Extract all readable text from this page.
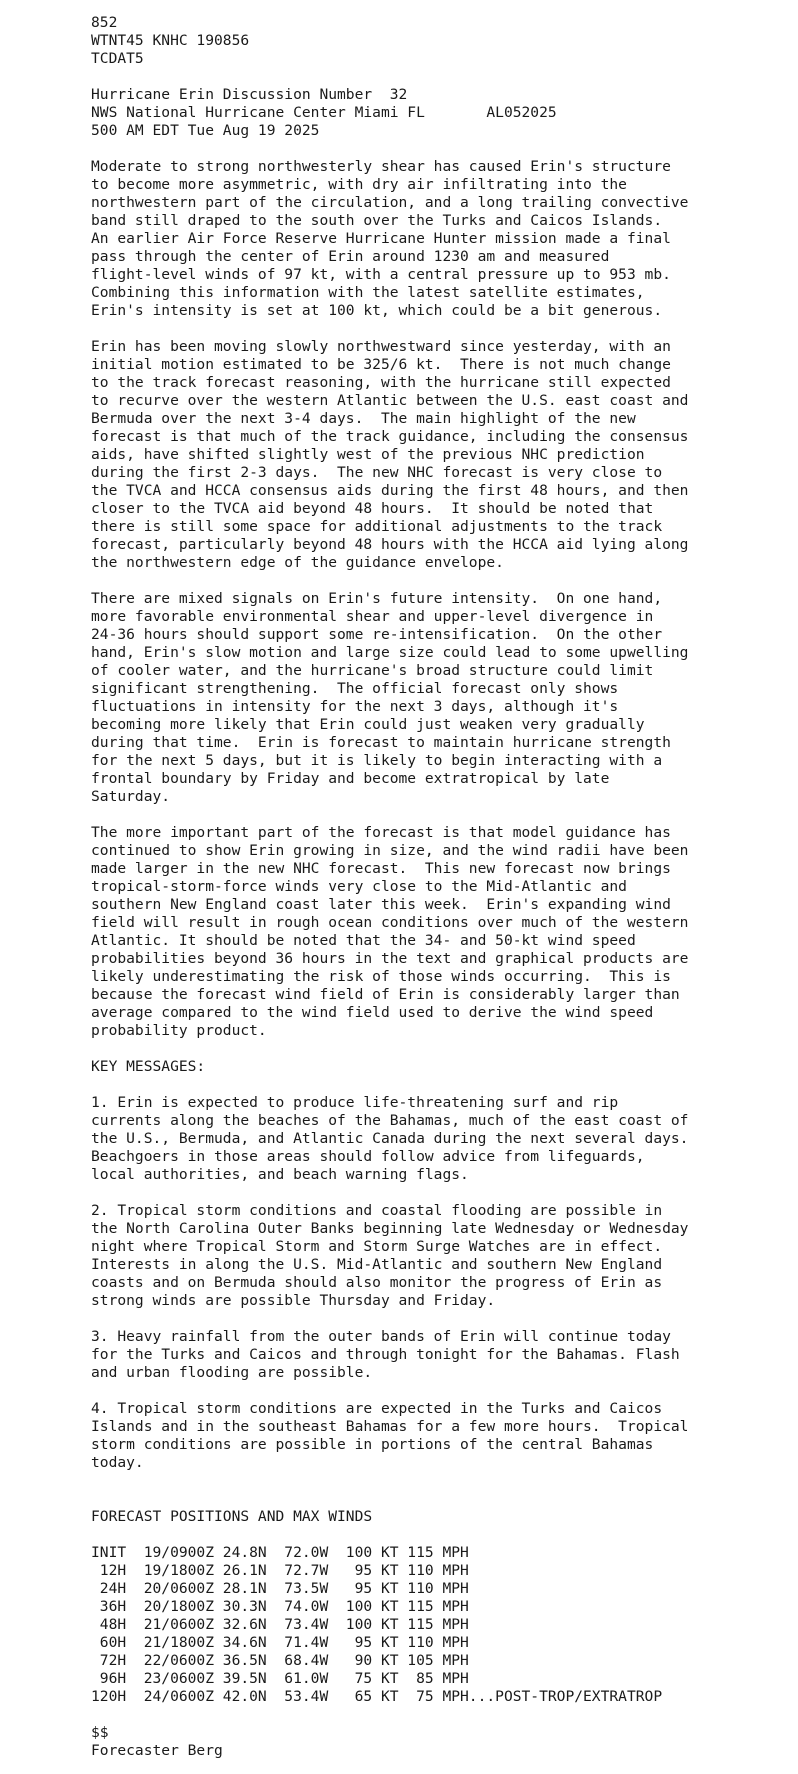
852
WTNT45 KNHC 190856
TCDAT5
Hurricane Erin Discussion Number  32
NWS National Hurricane Center Miami FL       AL052025
500 AM EDT Tue Aug 19 2025
Moderate to strong northwesterly shear has caused Erin's structure
to become more asymmetric, with dry air infiltrating into the
northwestern part of the circulation, and a long trailing convective
band still draped to the south over the Turks and Caicos Islands.
An earlier Air Force Reserve Hurricane Hunter mission made a final
pass through the center of Erin around 1230 am and measured
flight-level winds of 97 kt, with a central pressure up to 953 mb.
Combining this information with the latest satellite estimates,
Erin's intensity is set at 100 kt, which could be a bit generous.
Erin has been moving slowly northwestward since yesterday, with an
initial motion estimated to be 325/6 kt.  There is not much change
to the track forecast reasoning, with the hurricane still expected
to recurve over the western Atlantic between the U.S. east coast and
Bermuda over the next 3-4 days.  The main highlight of the new
forecast is that much of the track guidance, including the consensus
aids, have shifted slightly west of the previous NHC prediction
during the first 2-3 days.  The new NHC forecast is very close to
the TVCA and HCCA consensus aids during the first 48 hours, and then
closer to the TVCA aid beyond 48 hours.  It should be noted that
there is still some space for additional adjustments to the track
forecast, particularly beyond 48 hours with the HCCA aid lying along
the northwestern edge of the guidance envelope.
There are mixed signals on Erin's future intensity.  On one hand,
more favorable environmental shear and upper-level divergence in
24-36 hours should support some re-intensification.  On the other
hand, Erin's slow motion and large size could lead to some upwelling
of cooler water, and the hurricane's broad structure could limit
significant strengthening.  The official forecast only shows
fluctuations in intensity for the next 3 days, although it's
becoming more likely that Erin could just weaken very gradually
during that time.  Erin is forecast to maintain hurricane strength
for the next 5 days, but it is likely to begin interacting with a
frontal boundary by Friday and become extratropical by late
Saturday.
The more important part of the forecast is that model guidance has
continued to show Erin growing in size, and the wind radii have been
made larger in the new NHC forecast.  This new forecast now brings
tropical-storm-force winds very close to the Mid-Atlantic and
southern New England coast later this week.  Erin's expanding wind
field will result in rough ocean conditions over much of the western
Atlantic. It should be noted that the 34- and 50-kt wind speed
probabilities beyond 36 hours in the text and graphical products are
likely underestimating the risk of those winds occurring.  This is
because the forecast wind field of Erin is considerably larger than
average compared to the wind field used to derive the wind speed
probability product.
KEY MESSAGES:
1. Erin is expected to produce life-threatening surf and rip
currents along the beaches of the Bahamas, much of the east coast of
the U.S., Bermuda, and Atlantic Canada during the next several days.
Beachgoers in those areas should follow advice from lifeguards,
local authorities, and beach warning flags.
2. Tropical storm conditions and coastal flooding are possible in
the North Carolina Outer Banks beginning late Wednesday or Wednesday
night where Tropical Storm and Storm Surge Watches are in effect.
Interests in along the U.S. Mid-Atlantic and southern New England
coasts and on Bermuda should also monitor the progress of Erin as
strong winds are possible Thursday and Friday.
3. Heavy rainfall from the outer bands of Erin will continue today
for the Turks and Caicos and through tonight for the Bahamas. Flash
and urban flooding are possible.
4. Tropical storm conditions are expected in the Turks and Caicos
Islands and in the southeast Bahamas for a few more hours.  Tropical
storm conditions are possible in portions of the central Bahamas
today.
FORECAST POSITIONS AND MAX WINDS
INIT  19/0900Z 24.8N  72.0W  100 KT 115 MPH
12H  19/1800Z 26.1N  72.7W   95 KT 110 MPH
24H  20/0600Z 28.1N  73.5W   95 KT 110 MPH
36H  20/1800Z 30.3N  74.0W  100 KT 115 MPH
48H  21/0600Z 32.6N  73.4W  100 KT 115 MPH
60H  21/1800Z 34.6N  71.4W   95 KT 110 MPH
72H  22/0600Z 36.5N  68.4W   90 KT 105 MPH
96H  23/0600Z 39.5N  61.0W   75 KT  85 MPH
120H  24/0600Z 42.0N  53.4W   65 KT  75 MPH...POST-TROP/EXTRATROP
$$
Forecaster Berg
